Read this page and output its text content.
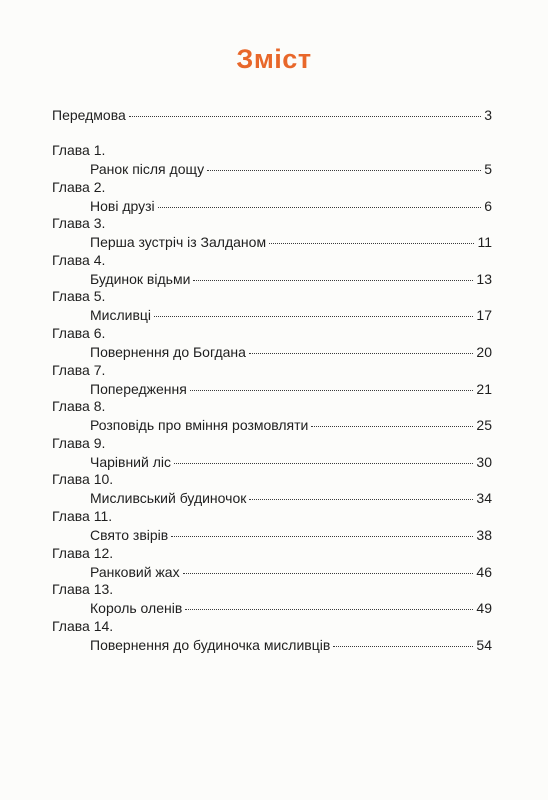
Зміст
Передмова	3
Глава 1.
Ранок після дощу	5
Глава 2.
Нові друзі	6
Глава 3.
Перша зустріч із Залданом	11
Глава 4.
Будинок відьми	13
Глава 5.
Мисливці	17
Глава 6.
Повернення до Богдана	20
Глава 7.
Попередження	21
Глава 8.
Розповідь про вміння розмовляти	25
Глава 9.
Чарівний ліс	30
Глава 10.
Мисливський будиночок	34
Глава 11.
Свято звірів	38
Глава 12.
Ранковий жах	46
Глава 13.
Король оленів	49
Глава 14.
Повернення до будиночка мисливців	54
